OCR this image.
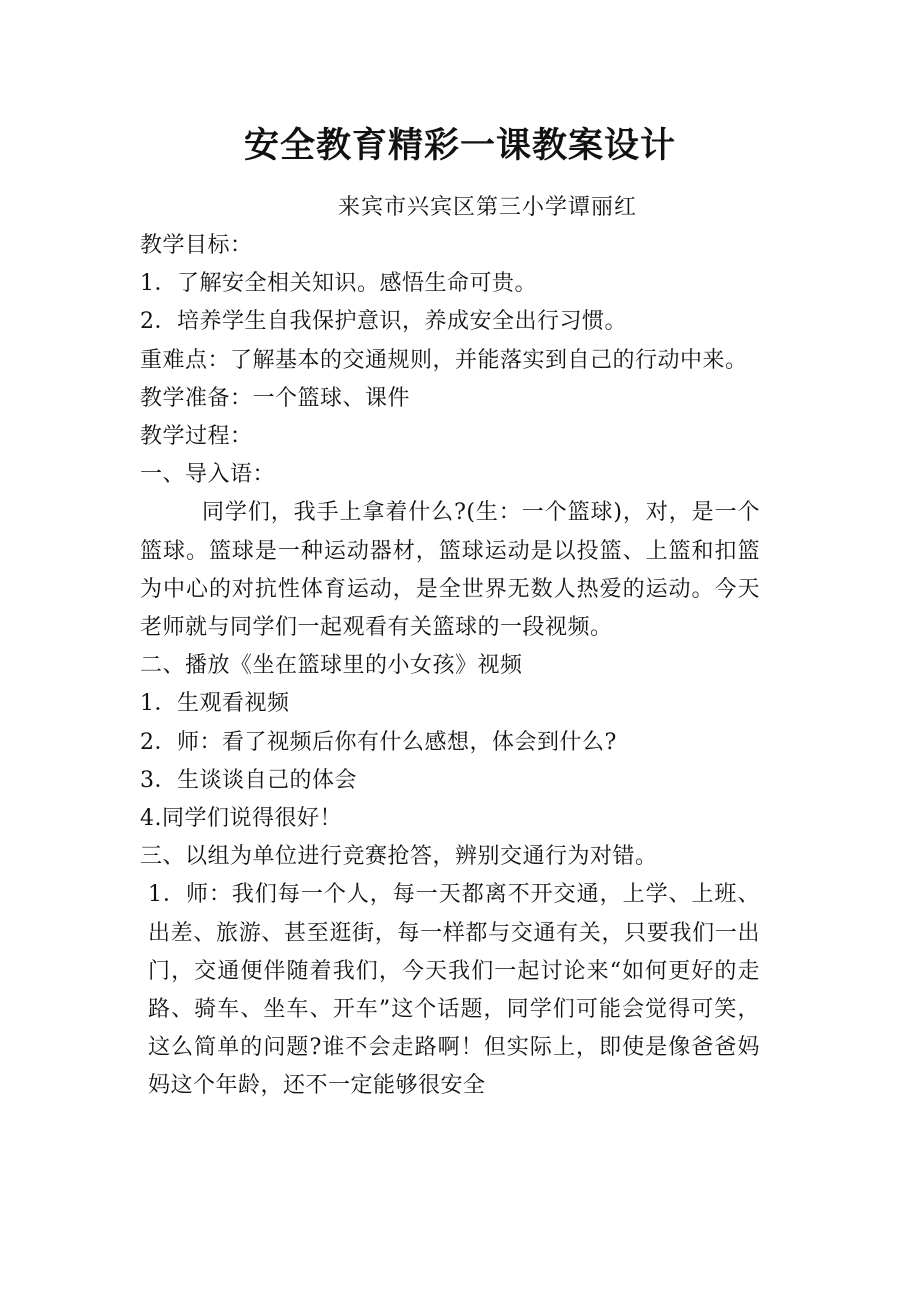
安全教育精彩一课教案设计
来宾市兴宾区第三小学谭丽红

教学目标：

1．了解安全相关知识。感悟生命可贵。

2．培养学生自我保护意识，养成安全出行习惯。

重难点：了解基本的交通规则，并能落实到自己的行动中来。

教学准备：一个篮球、课件

教学过程：

一、导入语：

同学们，我手上拿着什么?(生：一个篮球)，对，是一个篮球。篮球是一种运动器材，篮球运动是以投篮、上篮和扣篮为中心的对抗性体育运动，是全世界无数人热爱的运动。今天老师就与同学们一起观看有关篮球的一段视频。

二、播放《坐在篮球里的小女孩》视频

1．生观看视频

2．师：看了视频后你有什么感想，体会到什么?

3．生谈谈自己的体会

4.同学们说得很好！

三、以组为单位进行竞赛抢答，辨别交通行为对错。

1．师：我们每一个人，每一天都离不开交通，上学、上班、出差、旅游、甚至逛街，每一样都与交通有关，只要我们一出门，交通便伴随着我们，今天我们一起讨论来“如何更好的走路、骑车、坐车、开车”这个话题，同学们可能会觉得可笑，这么简单的问题?谁不会走路啊！但实际上，即使是像爸爸妈妈这个年龄，还不一定能够很安全
